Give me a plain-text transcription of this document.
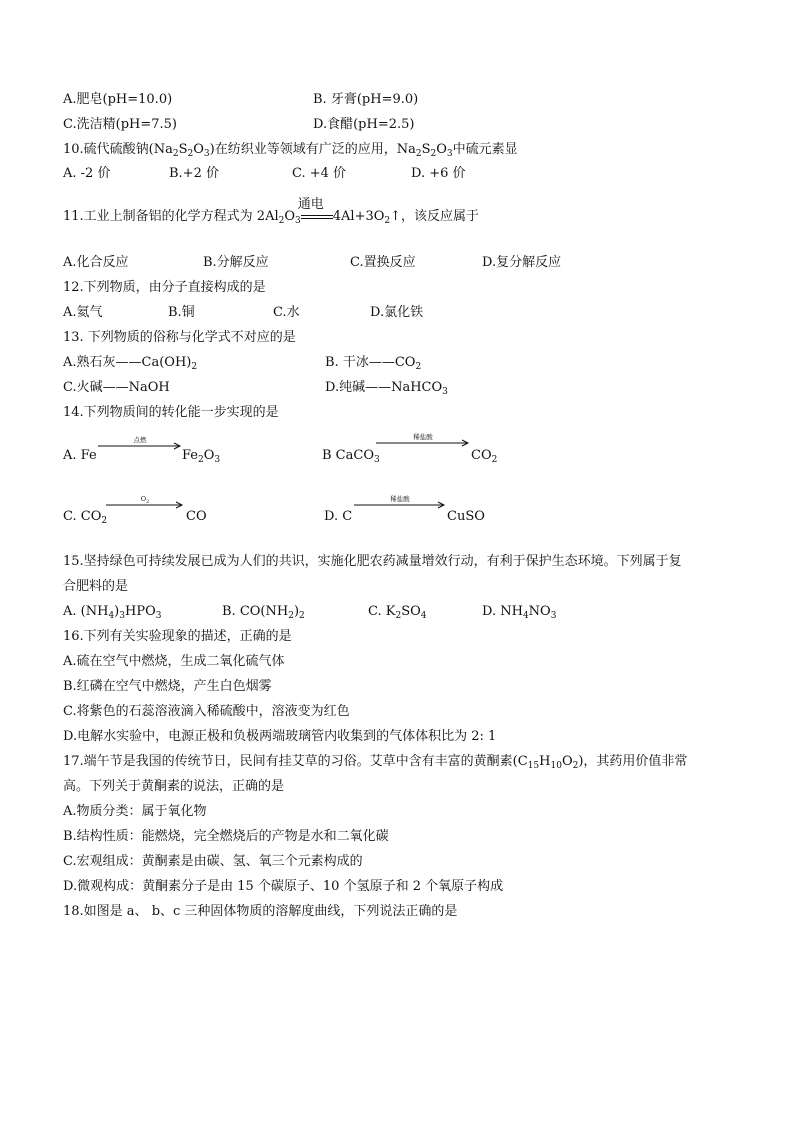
A.肥皂(pH=10.0)	B. 牙膏(pH=9.0)
C.洗洁精(pH=7.5)	D.食醋(pH=2.5)
10.硫代硫酸钠$(Na_2S_2O_3)$在纺织业等领域有广泛的应用，$Na_2S_2O_3$中硫元素显
A. -2 价	B.+2 价	C. +4 价	D. +6 价
11.工业上制备铝的化学方程式为 $2Al_2O_3$
通电
$4Al+3O_2↑$，该反应属于
A.化合反应	B.分解反应	C.置换反应	D.复分解反应
12.下列物质，由分子直接构成的是
A.氦气	B.铜	C.水	D.氯化铁
13. 下列物质的俗称与化学式不对应的是
A.熟石灰$——Ca(OH)_2$	B. 干冰$——CO_2$
C.火碱——NaOH	D.纯碱——NaHCO$_3$
14.下列物质间的转化能一步实现的是
A. Fe
点燃
$Fe_2O_3$	B CaCO$_3$
稀盐酸
$CO_2$
C. $CO_2$
$O_2$
CO	D. C
稀盐酸
CuSO
15.坚持绿色可持续发展已成为人们的共识，实施化肥农药减量增效行动，有利于保护生态环境。下列属于复
合肥料的是
A. $(NH_4)_3HPO_3$	B. $CO(NH_2)_2$	C. $K_2SO_4$	D. $NH_4NO_3$
16.下列有关实验现象的描述，正确的是
A.硫在空气中燃烧，生成二氧化硫气体
B.红磷在空气中燃烧，产生白色烟雾
C.将紫色的石蕊溶液滴入稀硫酸中，溶液变为红色
D.电解水实验中，电源正极和负极两端玻璃管内收集到的气体体积比为 2: 1
17.端午节是我国的传统节日，民间有挂艾草的习俗。艾草中含有丰富的黄酮素$(C_{15}H_{10}O_2)$，其药用价值非常
高。下列关于黄酮素的说法，正确的是
A.物质分类：属于氧化物
B.结构性质：能燃烧，完全燃烧后的产物是水和二氧化碳
C.宏观组成：黄酮素是由碳、氢、氧三个元素构成的
D.微观构成：黄酮素分子是由 15 个碳原子、10 个氢原子和 2 个氧原子构成
18.如图是 a、 b、c 三种固体物质的溶解度曲线，下列说法正确的是
